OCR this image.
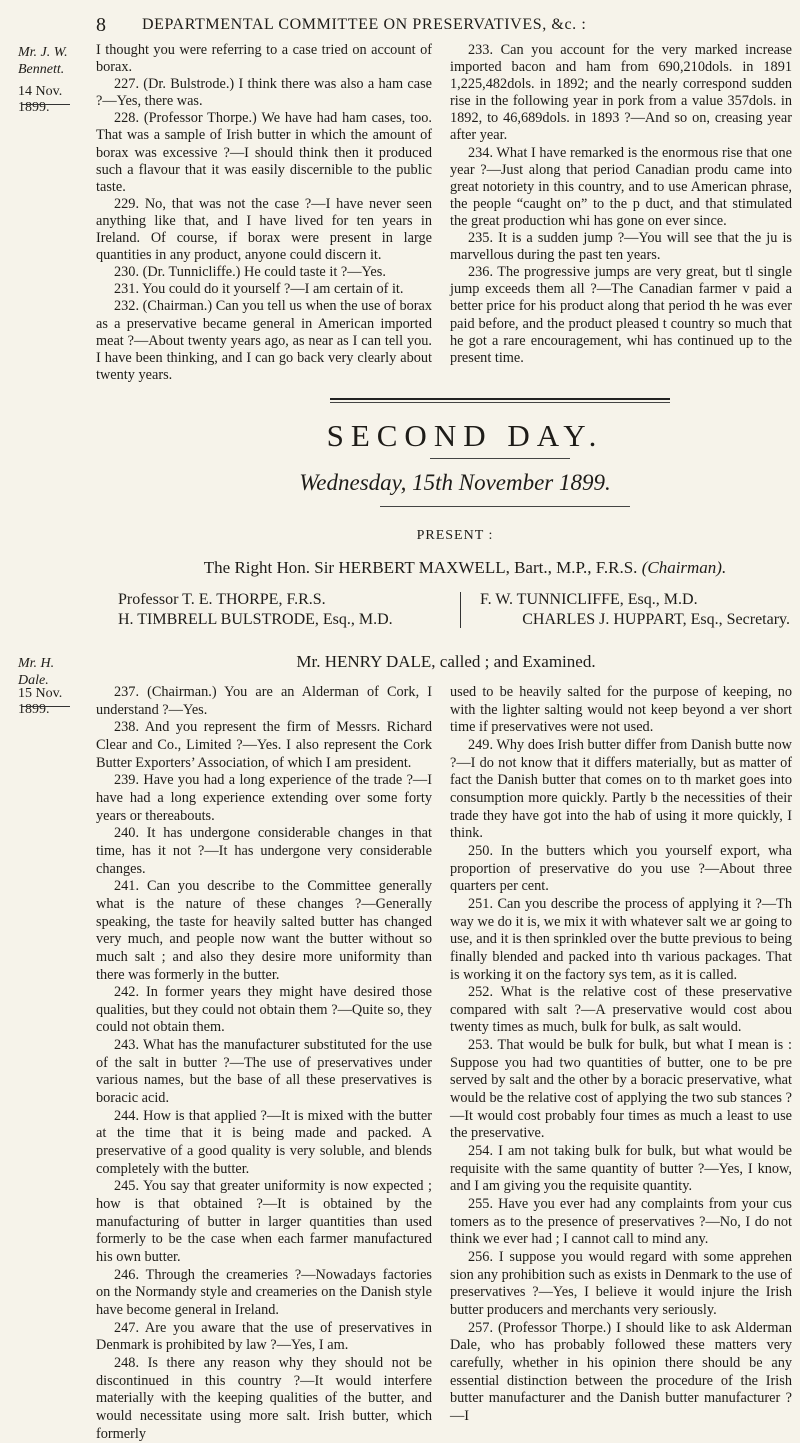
8 DEPARTMENTAL COMMITTEE ON PRESERVATIVES, &c. :
Mr. J. W. Bennett.
14 Nov. 1899.
Mr. H. Dale.
15 Nov. 1899.

I thought you were referring to a case tried on account of borax.

227. (Dr. Bulstrode.) I think there was also a ham case ?—Yes, there was.

228. (Professor Thorpe.) We have had ham cases, too. That was a sample of Irish butter in which the amount of borax was excessive ?—I should think then it produced such a flavour that it was easily discernible to the public taste.

229. No, that was not the case ?—I have never seen anything like that, and I have lived for ten years in Ireland. Of course, if borax were present in large quantities in any product, anyone could discern it.

230. (Dr. Tunnicliffe.) He could taste it ?—Yes.

231. You could do it yourself ?—I am certain of it.

232. (Chairman.) Can you tell us when the use of borax as a preservative became general in American imported meat ?—About twenty years ago, as near as I can tell you. I have been thinking, and I can go back very clearly about twenty years.

233. Can you account for the very marked increase imported bacon and ham from 690,210dols. in 1891 1,225,482dols. in 1892; and the nearly correspond sudden rise in the following year in pork from a value 357dols. in 1892, to 46,689dols. in 1893 ?—And so on, creasing year after year.

234. What I have remarked is the enormous rise that one year ?—Just along that period Canadian produ came into great notoriety in this country, and to use American phrase, the people “caught on” to the p duct, and that stimulated the great production whi has gone on ever since.

235. It is a sudden jump ?—You will see that the ju is marvellous during the past ten years.

236. The progressive jumps are very great, but tl single jump exceeds them all ?—The Canadian farmer v paid a better price for his product along that period th he was ever paid before, and the product pleased t country so much that he got a rare encouragement, whi has continued up to the present time.

SECOND DAY.
Wednesday, 15th November 1899.
PRESENT :
The Right Hon. Sir HERBERT MAXWELL, Bart., M.P., F.R.S. (Chairman).
Professor T. E. THORPE, F.R.S.
H. TIMBRELL BULSTRODE, Esq., M.D.
F. W. TUNNICLIFFE, Esq., M.D.
CHARLES J. HUPPART, Esq., Secretary.
Mr. HENRY DALE, called ; and Examined.

237. (Chairman.) You are an Alderman of Cork, I understand ?—Yes.

238. And you represent the firm of Messrs. Richard Clear and Co., Limited ?—Yes. I also represent the Cork Butter Exporters’ Association, of which I am president.

239. Have you had a long experience of the trade ?—I have had a long experience extending over some forty years or thereabouts.

240. It has undergone considerable changes in that time, has it not ?—It has undergone very considerable changes.

241. Can you describe to the Committee generally what is the nature of these changes ?—Generally speaking, the taste for heavily salted butter has changed very much, and people now want the butter without so much salt ; and also they desire more uniformity than there was formerly in the butter.

242. In former years they might have desired those qualities, but they could not obtain them ?—Quite so, they could not obtain them.

243. What has the manufacturer substituted for the use of the salt in butter ?—The use of preservatives under various names, but the base of all these preservatives is boracic acid.

244. How is that applied ?—It is mixed with the butter at the time that it is being made and packed. A preservative of a good quality is very soluble, and blends completely with the butter.

245. You say that greater uniformity is now expected ; how is that obtained ?—It is obtained by the manufacturing of butter in larger quantities than used formerly to be the case when each farmer manufactured his own butter.

246. Through the creameries ?—Nowadays factories on the Normandy style and creameries on the Danish style have become general in Ireland.

247. Are you aware that the use of preservatives in Denmark is prohibited by law ?—Yes, I am.

248. Is there any reason why they should not be discontinued in this country ?—It would interfere materially with the keeping qualities of the butter, and would necessitate using more salt. Irish butter, which formerly

used to be heavily salted for the purpose of keeping, no with the lighter salting would not keep beyond a ver short time if preservatives were not used.

249. Why does Irish butter differ from Danish butte now ?—I do not know that it differs materially, but as matter of fact the Danish butter that comes on to th market goes into consumption more quickly. Partly b the necessities of their trade they have got into the hab of using it more quickly, I think.

250. In the butters which you yourself export, wha proportion of preservative do you use ?—About three quarters per cent.

251. Can you describe the process of applying it ?—Th way we do it is, we mix it with whatever salt we ar going to use, and it is then sprinkled over the butte previous to being finally blended and packed into th various packages. That is working it on the factory sys tem, as it is called.

252. What is the relative cost of these preservative compared with salt ?—A preservative would cost abou twenty times as much, bulk for bulk, as salt would.

253. That would be bulk for bulk, but what I mean is : Suppose you had two quantities of butter, one to be pre served by salt and the other by a boracic preservative, what would be the relative cost of applying the two sub stances ?—It would cost probably four times as much a least to use the preservative.

254. I am not taking bulk for bulk, but what would be requisite with the same quantity of butter ?—Yes, I know, and I am giving you the requisite quantity.

255. Have you ever had any complaints from your cus tomers as to the presence of preservatives ?—No, I do not think we ever had ; I cannot call to mind any.

256. I suppose you would regard with some apprehen sion any prohibition such as exists in Denmark to the use of preservatives ?—Yes, I believe it would injure the Irish butter producers and merchants very seriously.

257. (Professor Thorpe.) I should like to ask Alderman Dale, who has probably followed these matters very carefully, whether in his opinion there should be any essential distinction between the procedure of the Irish butter manufacturer and the Danish butter manufacturer ?—I
